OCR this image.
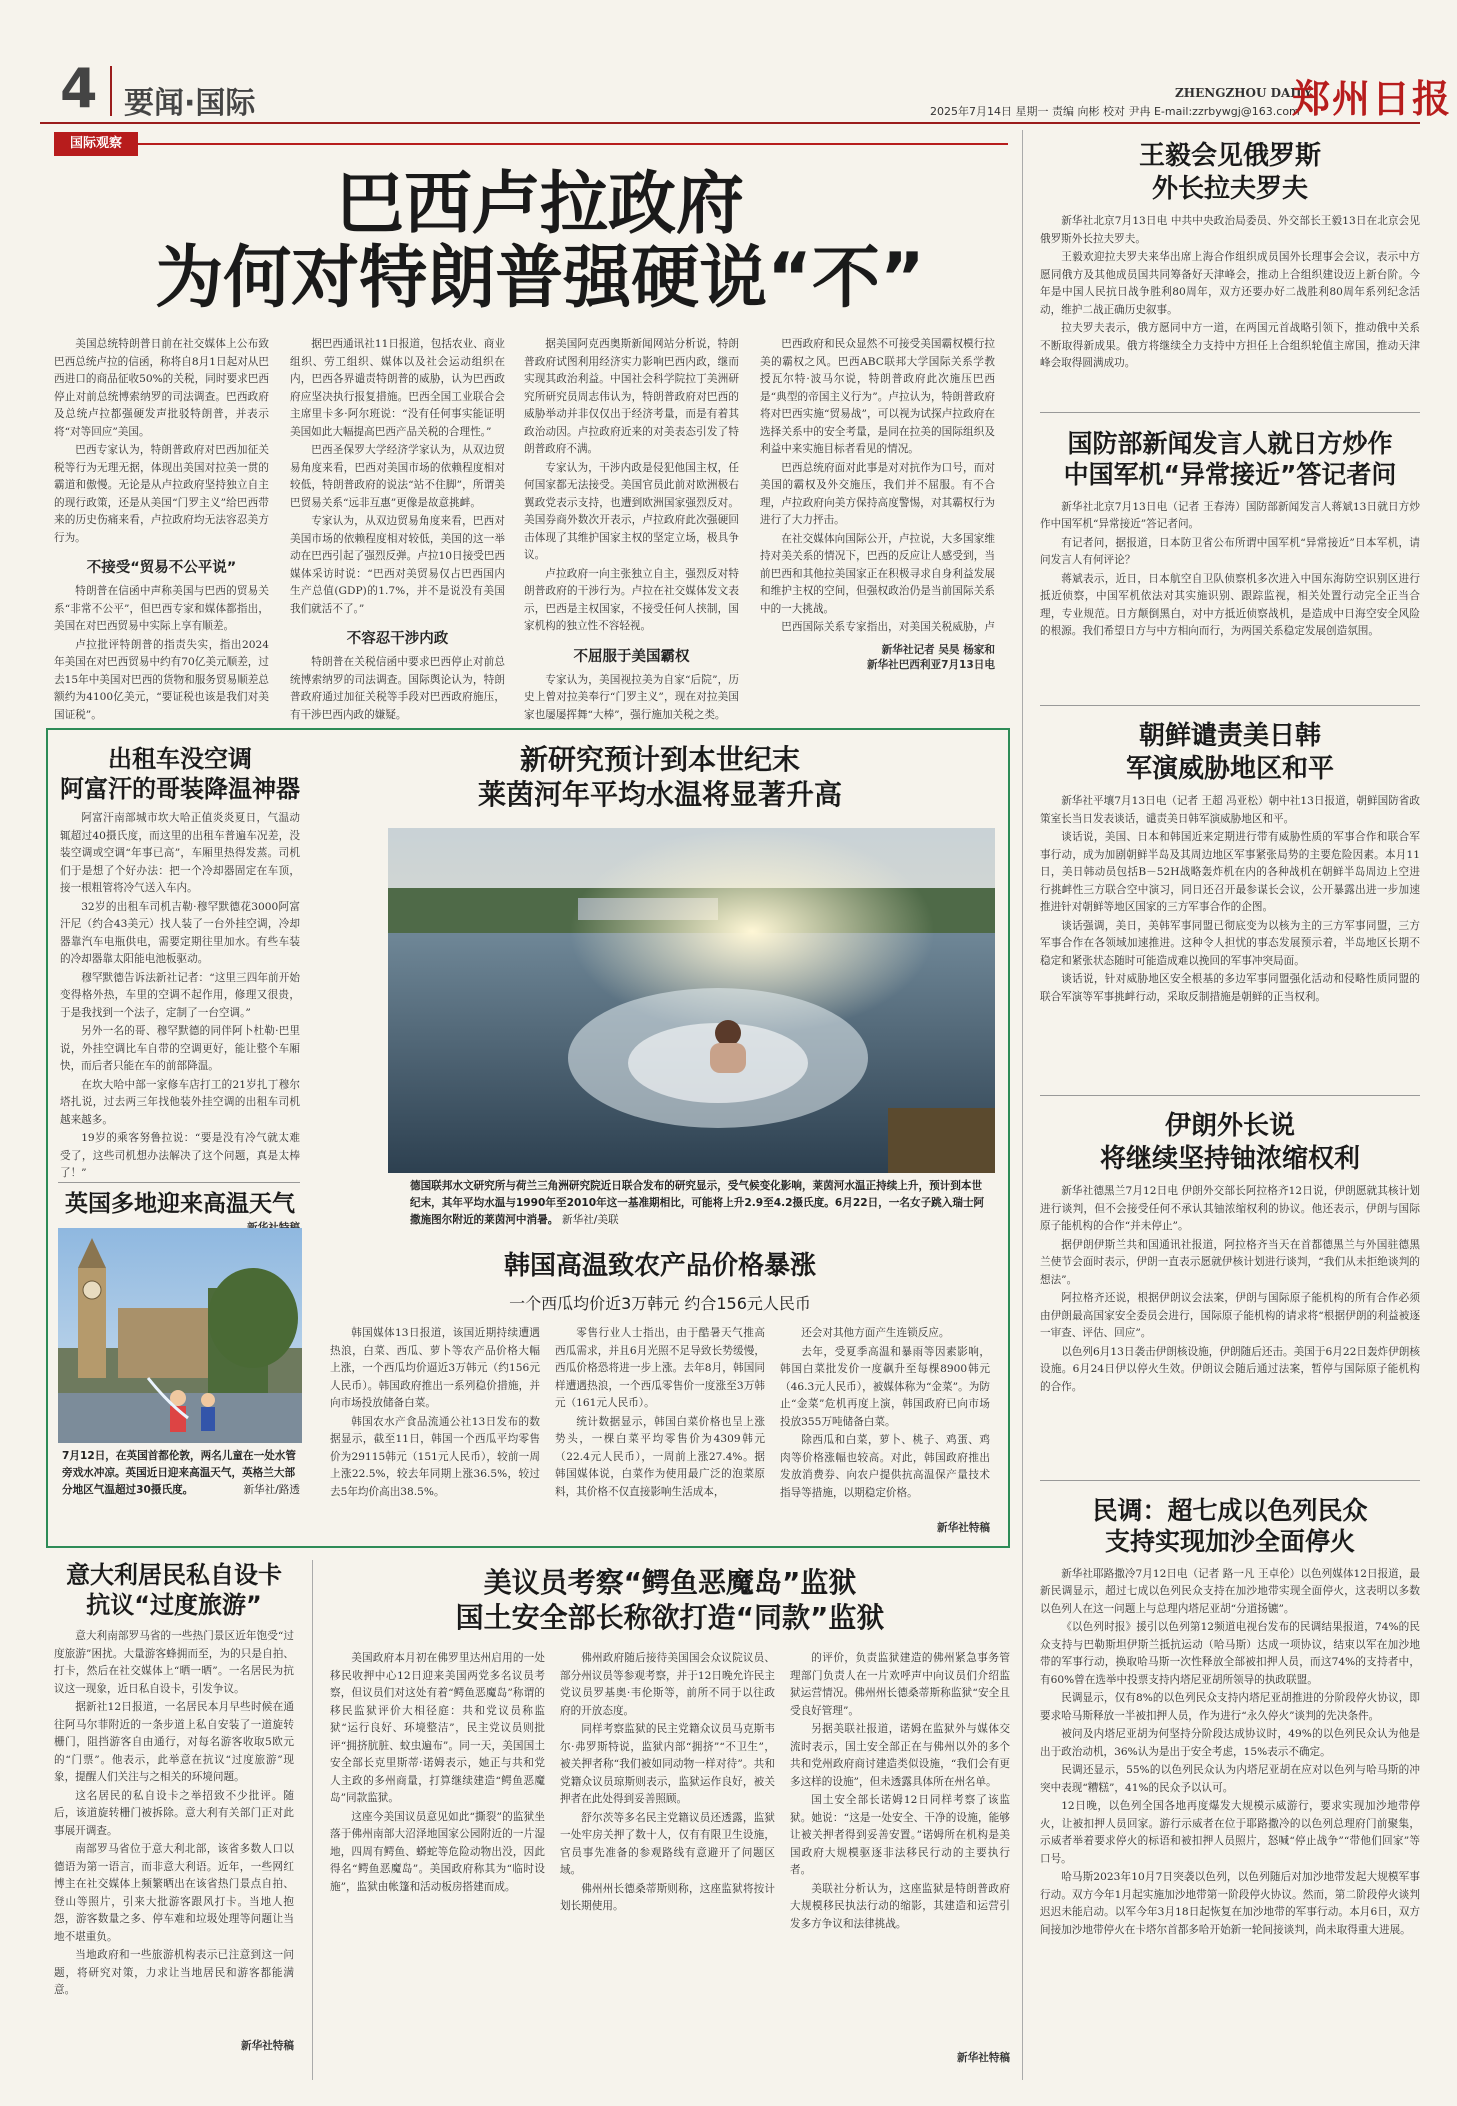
4 要闻·国际	ZHENGZHOU DAILY
2025年7月14日 星期一 责编 向彬 校对 尹冉 E-mail:zzrbywgj@163.com
郑州日报
国际观察
巴西卢拉政府
为何对特朗普强硬说“不”

美国总统特朗普日前在社交媒体上公布致巴西总统卢拉的信函，称将自8月1日起对从巴西进口的商品征收50%的关税，同时要求巴西停止对前总统博索纳罗的司法调查。巴西政府及总统卢拉都强硬发声批驳特朗普，并表示将“对等回应”美国。

巴西专家认为，特朗普政府对巴西加征关税等行为无理无据，体现出美国对拉美一贯的霸道和傲慢。无论是从卢拉政府坚持独立自主的现行政策，还是从美国“门罗主义”给巴西带来的历史伤痛来看，卢拉政府均无法容忍美方行为。

不接受“贸易不公平说”

特朗普在信函中声称美国与巴西的贸易关系“非常不公平”，但巴西专家和媒体都指出，美国在对巴西贸易中实际上享有顺差。

卢拉批评特朗普的指责失实，指出2024年美国在对巴西贸易中约有70亿美元顺差，过去15年中美国对巴西的货物和服务贸易顺差总额约为4100亿美元，“要证税也该是我们对美国证税”。

据巴西通讯社11日报道，包括农业、商业组织、劳工组织、媒体以及社会运动组织在内，巴西各界谴责特朗普的威胁，认为巴西政府应坚决执行报复措施。巴西全国工业联合会主席里卡多·阿尔班说：“没有任何事实能证明美国如此大幅提高巴西产品关税的合理性。”

巴西圣保罗大学经济学家认为，从双边贸易角度来看，巴西对美国市场的依赖程度相对较低，特朗普政府的说法“站不住脚”，所谓美巴贸易关系“远非互惠”更像是故意挑衅。

专家认为，从双边贸易角度来看，巴西对美国市场的依赖程度相对较低，美国的这一举动在巴西引起了强烈反弹。卢拉10日接受巴西媒体采访时说：“巴西对美贸易仅占巴西国内生产总值(GDP)的1.7%，并不是说没有美国我们就活不了。”

不容忍干涉内政

特朗普在关税信函中要求巴西停止对前总统博索纳罗的司法调查。国际舆论认为，特朗普政府通过加征关税等手段对巴西政府施压，有干涉巴西内政的嫌疑。

据美国阿克西奥斯新闻网站分析说，特朗普政府试图利用经济实力影响巴西内政，继而实现其政治利益。中国社会科学院拉丁美洲研究所研究员周志伟认为，特朗普政府对巴西的威胁举动并非仅仅出于经济考量，而是有着其政治动因。卢拉政府近来的对美表态引发了特朗普政府不满。

专家认为，干涉内政是侵犯他国主权，任何国家都无法接受。美国官员此前对欧洲极右翼政党表示支持，也遭到欧洲国家强烈反对。美国券商外数次开表示，卢拉政府此次强硬回击体现了其维护国家主权的坚定立场，极具争议。

卢拉政府一向主张独立自主，强烈反对特朗普政府的干涉行为。卢拉在社交媒体发文表示，巴西是主权国家，不接受任何人挟制，国家机构的独立性不容轻视。

不屈服于美国霸权

专家认为，美国视拉美为自家“后院”，历史上曾对拉美奉行“门罗主义”，现在对拉美国家也屡屡挥舞“大棒”，强行施加关税之类。

巴西政府和民众显然不可接受美国霸权模行拉美的霸权之风。巴西ABC联邦大学国际关系学教授瓦尔特·波马尔说，特朗普政府此次施压巴西是“典型的帝国主义行为”。卢拉认为，特朗普政府将对巴西实施“贸易战”，可以视为试探卢拉政府在选择关系中的安全考量，是同在拉美的国际组织及利益中来实施目标者看见的情况。

巴西总统府面对此事是对对抗作为口号，而对美国的霸权及外交施压，我们并不屈服。有不合理，卢拉政府向美方保持高度警惕，对其霸权行为进行了大力抨击。

在社交媒体向国际公开，卢拉说，大多国家维持对美关系的情况下，巴西的反应让人感受到，当前巴西和其他拉美国家正在积极寻求自身利益发展和维护主权的空间，但强权政治仍是当前国际关系中的一大挑战。

巴西国际关系专家指出，对美国关税威胁，卢

新华社记者 吴昊 杨家和
新华社巴西利亚7月13日电
王毅会见俄罗斯
外长拉夫罗夫

新华社北京7月13日电 中共中央政治局委员、外交部长王毅13日在北京会见俄罗斯外长拉夫罗夫。

王毅欢迎拉夫罗夫来华出席上海合作组织成员国外长理事会会议，表示中方愿同俄方及其他成员国共同筹备好天津峰会，推动上合组织建设迈上新台阶。今年是中国人民抗日战争胜利80周年，双方还要办好二战胜利80周年系列纪念活动，维护二战正确历史叙事。

拉夫罗夫表示，俄方愿同中方一道，在两国元首战略引领下，推动俄中关系不断取得新成果。俄方将继续全力支持中方担任上合组织轮值主席国，推动天津峰会取得圆满成功。

国防部新闻发言人就日方炒作
中国军机“异常接近”答记者问

新华社北京7月13日电（记者 王春涛）国防部新闻发言人蒋斌13日就日方炒作中国军机“异常接近”答记者问。

有记者问，据报道，日本防卫省公布所谓中国军机“异常接近”日本军机，请问发言人有何评论？

蒋斌表示，近日，日本航空自卫队侦察机多次进入中国东海防空识别区进行抵近侦察，中国军机依法对其实施识别、跟踪监视，相关处置行动完全正当合理，专业规范。日方颠倒黑白，对中方抵近侦察战机，是造成中日海空安全风险的根源。我们希望日方与中方相向而行，为两国关系稳定发展创造氛围。

朝鲜谴责美日韩
军演威胁地区和平

新华社平壤7月13日电（记者 王超 冯亚松）朝中社13日报道，朝鲜国防省政策室长当日发表谈话，谴责美日韩军演威胁地区和平。

谈话说，美国、日本和韩国近来定期进行带有威胁性质的军事合作和联合军事行动，成为加剧朝鲜半岛及其周边地区军事紧张局势的主要危险因素。本月11日，美日韩动员包括B－52H战略轰炸机在内的各种战机在朝鲜半岛周边上空进行挑衅性三方联合空中演习，同日还召开最参谋长会议，公开暴露出进一步加速推进针对朝鲜等地区国家的三方军事合作的企图。

谈话强调，美日，美韩军事同盟已彻底变为以核为主的三方军事同盟，三方军事合作在各领域加速推进。这种令人担忧的事态发展预示着，半岛地区长期不稳定和紧张状态随时可能造成难以挽回的军事冲突局面。

谈话说，针对威胁地区安全根基的多边军事同盟强化活动和侵略性质同盟的联合军演等军事挑衅行动，采取反制措施是朝鲜的正当权利。

伊朗外长说
将继续坚持铀浓缩权利

新华社德黑兰7月12日电 伊朗外交部长阿拉格齐12日说，伊朗愿就其核计划进行谈判，但不会接受任何不承认其铀浓缩权利的协议。他还表示，伊朗与国际原子能机构的合作“并未停止”。

据伊朗伊斯兰共和国通讯社报道，阿拉格齐当天在首都德黑兰与外国驻德黑兰使节会面时表示，伊朗一直表示愿就伊核计划进行谈判，“我们从未拒绝谈判的想法”。

阿拉格齐还说，根据伊朗议会法案，伊朗与国际原子能机构的所有合作必须由伊朗最高国家安全委员会进行，国际原子能机构的请求将“根据伊朗的利益被逐一审查、评估、回应”。

以色列6月13日袭击伊朗核设施，伊朗随后还击。美国于6月22日轰炸伊朗核设施。6月24日伊以停火生效。伊朗议会随后通过法案，暂停与国际原子能机构的合作。

民调：超七成以色列民众
支持实现加沙全面停火

新华社耶路撒冷7月12日电（记者 路一凡 王卓伦）以色列媒体12日报道，最新民调显示，超过七成以色列民众支持在加沙地带实现全面停火，这表明以多数以色列人在这一问题上与总理内塔尼亚胡“分道扬镳”。

《以色列时报》援引以色列第12频道电视台发布的民调结果报道，74%的民众支持与巴勒斯坦伊斯兰抵抗运动（哈马斯）达成一项协议，结束以军在加沙地带的军事行动，换取哈马斯一次性释放全部被扣押人员，而这74%的支持者中，有60%曾在选举中投票支持内塔尼亚胡所领导的执政联盟。

民调显示，仅有8%的以色列民众支持内塔尼亚胡推进的分阶段停火协议，即要求哈马斯释放一半被扣押人员，作为进行“永久停火”谈判的先决条件。

被问及内塔尼亚胡为何坚持分阶段达成协议时，49%的以色列民众认为他是出于政治动机，36%认为是出于安全考虑，15%表示不确定。

民调还显示，55%的以色列民众认为内塔尼亚胡在应对以色列与哈马斯的冲突中表现“糟糕”，41%的民众予以认可。

12日晚，以色列全国各地再度爆发大规模示威游行，要求实现加沙地带停火，让被扣押人员回家。游行示威者在位于耶路撒冷的以色列总理府门前聚集，示威者举着要求停火的标语和被扣押人员照片，怒喊“停止战争”“带他们回家”等口号。

哈马斯2023年10月7日突袭以色列，以色列随后对加沙地带发起大规模军事行动。双方今年1月起实施加沙地带第一阶段停火协议。然而，第二阶段停火谈判迟迟未能启动。以军今年3月18日起恢复在加沙地带的军事行动。本月6日，双方间接加沙地带停火在卡塔尔首都多哈开始新一轮间接谈判，尚未取得重大进展。

出租车没空调
阿富汗的哥装降温神器

阿富汗南部城市坎大哈正值炎炎夏日，气温动辄超过40摄氏度，而这里的出租车普遍车况差，没装空调或空调“年事已高”，车厢里热得发蒸。司机们于是想了个好办法：把一个冷却器固定在车顶，接一根粗管将冷气送入车内。

32岁的出租车司机吉勒·穆罕默德花3000阿富汗尼（约合43美元）找人装了一台外挂空调，冷却器靠汽车电瓶供电，需要定期往里加水。有些车装的冷却器靠太阳能电池板驱动。

穆罕默德告诉法新社记者：“这里三四年前开始变得格外热，车里的空调不起作用，修理又很贵，于是我找到一个法子，定制了一台空调。”

另外一名的哥、穆罕默德的同伴阿卜杜勒·巴里说，外挂空调比车自带的空调更好，能让整个车厢快，而后者只能在车的前部降温。

在坎大哈中部一家修车店打工的21岁扎丁穆尔塔扎说，过去两三年找他装外挂空调的出租车司机越来越多。

19岁的乘客努鲁拉说：“要是没有冷气就太难受了，这些司机想办法解决了这个问题，真是太棒了！”

英国多地迎来高温天气
7月12日，在英国首都伦敦，两名儿童在一处水管旁戏水冲凉。英国近日迎来高温天气，英格兰大部分地区气温超过30摄氏度。	新华社/路透
新研究预计到本世纪末
莱茵河年平均水温将显著升高
德国联邦水文研究所与荷兰三角洲研究院近日联合发布的研究显示，受气候变化影响，莱茵河水温正持续上升，预计到本世纪末，其年平均水温与1990年至2010年这一基准期相比，可能将上升2.9至4.2摄氏度。6月22日，一名女子跳入瑞士阿撒施图尔附近的莱茵河中消暑。 新华社/美联
韩国高温致农产品价格暴涨
一个西瓜均价近3万韩元 约合156元人民币

韩国媒体13日报道，该国近期持续遭遇热浪，白菜、西瓜、萝卜等农产品价格大幅上涨，一个西瓜均价逼近3万韩元（约156元人民币）。韩国政府推出一系列稳价措施，并向市场投放储备白菜。

韩国农水产食品流通公社13日发布的数据显示，截至11日，韩国一个西瓜平均零售价为29115韩元（151元人民币），较前一周上涨22.5%，较去年同期上涨36.5%，较过去5年均价高出38.5%。

零售行业人士指出，由于酷暑天气推高西瓜需求，并且6月光照不足导致长势缓慢，西瓜价格恐将进一步上涨。去年8月，韩国同样遭遇热浪，一个西瓜零售价一度涨至3万韩元（161元人民币）。

统计数据显示，韩国白菜价格也呈上涨势头，一棵白菜平均零售价为4309韩元（22.4元人民币），一周前上涨27.4%。据韩国媒体说，白菜作为使用最广泛的泡菜原料，其价格不仅直接影响生活成本，

还会对其他方面产生连锁反应。

去年，受夏季高温和暴雨等因素影响，韩国白菜批发价一度飙升至每棵8900韩元（46.3元人民币），被媒体称为“金菜”。为防止“金菜”危机再度上演，韩国政府已向市场投放355万吨储备白菜。

除西瓜和白菜，萝卜、桃子、鸡蛋、鸡肉等价格涨幅也较高。对此，韩国政府推出发放消费券、向农户提供抗高温保产量技术指导等措施，以期稳定价格。

新华社特稿
意大利居民私自设卡
抗议“过度旅游”

意大利南部罗马省的一些热门景区近年饱受“过度旅游”困扰。大量游客蜂拥而至，为的只是自拍、打卡，然后在社交媒体上“晒一晒”。一名居民为抗议这一现象，近日私自设卡，引发争议。

据新社12日报道，一名居民本月早些时候在通往阿马尔菲附近的一条步道上私自安装了一道旋转栅门，阻挡游客自由通行，对每名游客收取5欧元的“门票”。他表示，此举意在抗议“过度旅游”现象，提醒人们关注与之相关的环境问题。

这名居民的私自设卡之举招致不少批评。随后，该道旋转栅门被拆除。意大利有关部门正对此事展开调查。

南部罗马省位于意大利北部，该省多数人口以德语为第一语言，而非意大利语。近年，一些网红博主在社交媒体上频繁晒出在该省热门景点自拍、登山等照片，引来大批游客跟风打卡。当地人抱怨，游客数量之多、停车难和垃圾处理等问题让当地不堪重负。

当地政府和一些旅游机构表示已注意到这一问题，将研究对策，力求让当地居民和游客都能满意。

新华社特稿
美议员考察“鳄鱼恶魔岛”监狱
国土安全部长称欲打造“同款”监狱

美国政府本月初在佛罗里达州启用的一处移民收押中心12日迎来美国两党多名议员考察，但议员们对这处有着“鳄鱼恶魔岛”称谓的移民监狱评价大相径庭：共和党议员称监狱“运行良好、环境整洁”，民主党议员则批评“拥挤肮脏、蚊虫遍布”。同一天，美国国土安全部长克里斯蒂·诺姆表示，她正与共和党人主政的多州商量，打算继续建造“鳄鱼恶魔岛”同款监狱。

这座今美国议员意见如此“撕裂”的监狱坐落于佛州南部大沼泽地国家公园附近的一片湿地，四周有鳄鱼、蟒蛇等危险动物出没，因此得名“鳄鱼恶魔岛”。美国政府称其为“临时设施”，监狱由帐篷和活动板房搭建而成。

佛州政府随后接待美国国会众议院议员、部分州议员等参观考察，并于12日晚允许民主党议员罗基奥·韦伦斯等，前所不同于以往政府的开放态度。

同样考察监狱的民主党籍众议员马克斯韦尔·弗罗斯特说，监狱内部“拥挤”“不卫生”，被关押者称“我们被如同动物一样对待”。共和党籍众议员琼斯则表示，监狱运作良好，被关押者在此处得到妥善照顾。

舒尔茨等多名民主党籍议员还透露，监狱一处牢房关押了数十人，仅有有限卫生设施，官员事先准备的参观路线有意避开了问题区域。

佛州州长德桑蒂斯则称，这座监狱将按计划长期使用。

的评价，负责监狱建造的佛州紧急事务管理部门负责人在一片欢呼声中向议员们介绍监狱运营情况。佛州州长德桑蒂斯称监狱“安全且受良好管理”。

另据美联社报道，诺姆在监狱外与媒体交流时表示，国土安全部正在与佛州以外的多个共和党州政府商讨建造类似设施，“我们会有更多这样的设施”，但未透露具体所在州名单。

国土安全部长诺姆12日同样考察了该监狱。她说：“这是一处安全、干净的设施，能够让被关押者得到妥善安置。”诺姆所在机构是美国政府大规模驱逐非法移民行动的主要执行者。

美联社分析认为，这座监狱是特朗普政府大规模移民执法行动的缩影，其建造和运营引发多方争议和法律挑战。

新华社特稿
